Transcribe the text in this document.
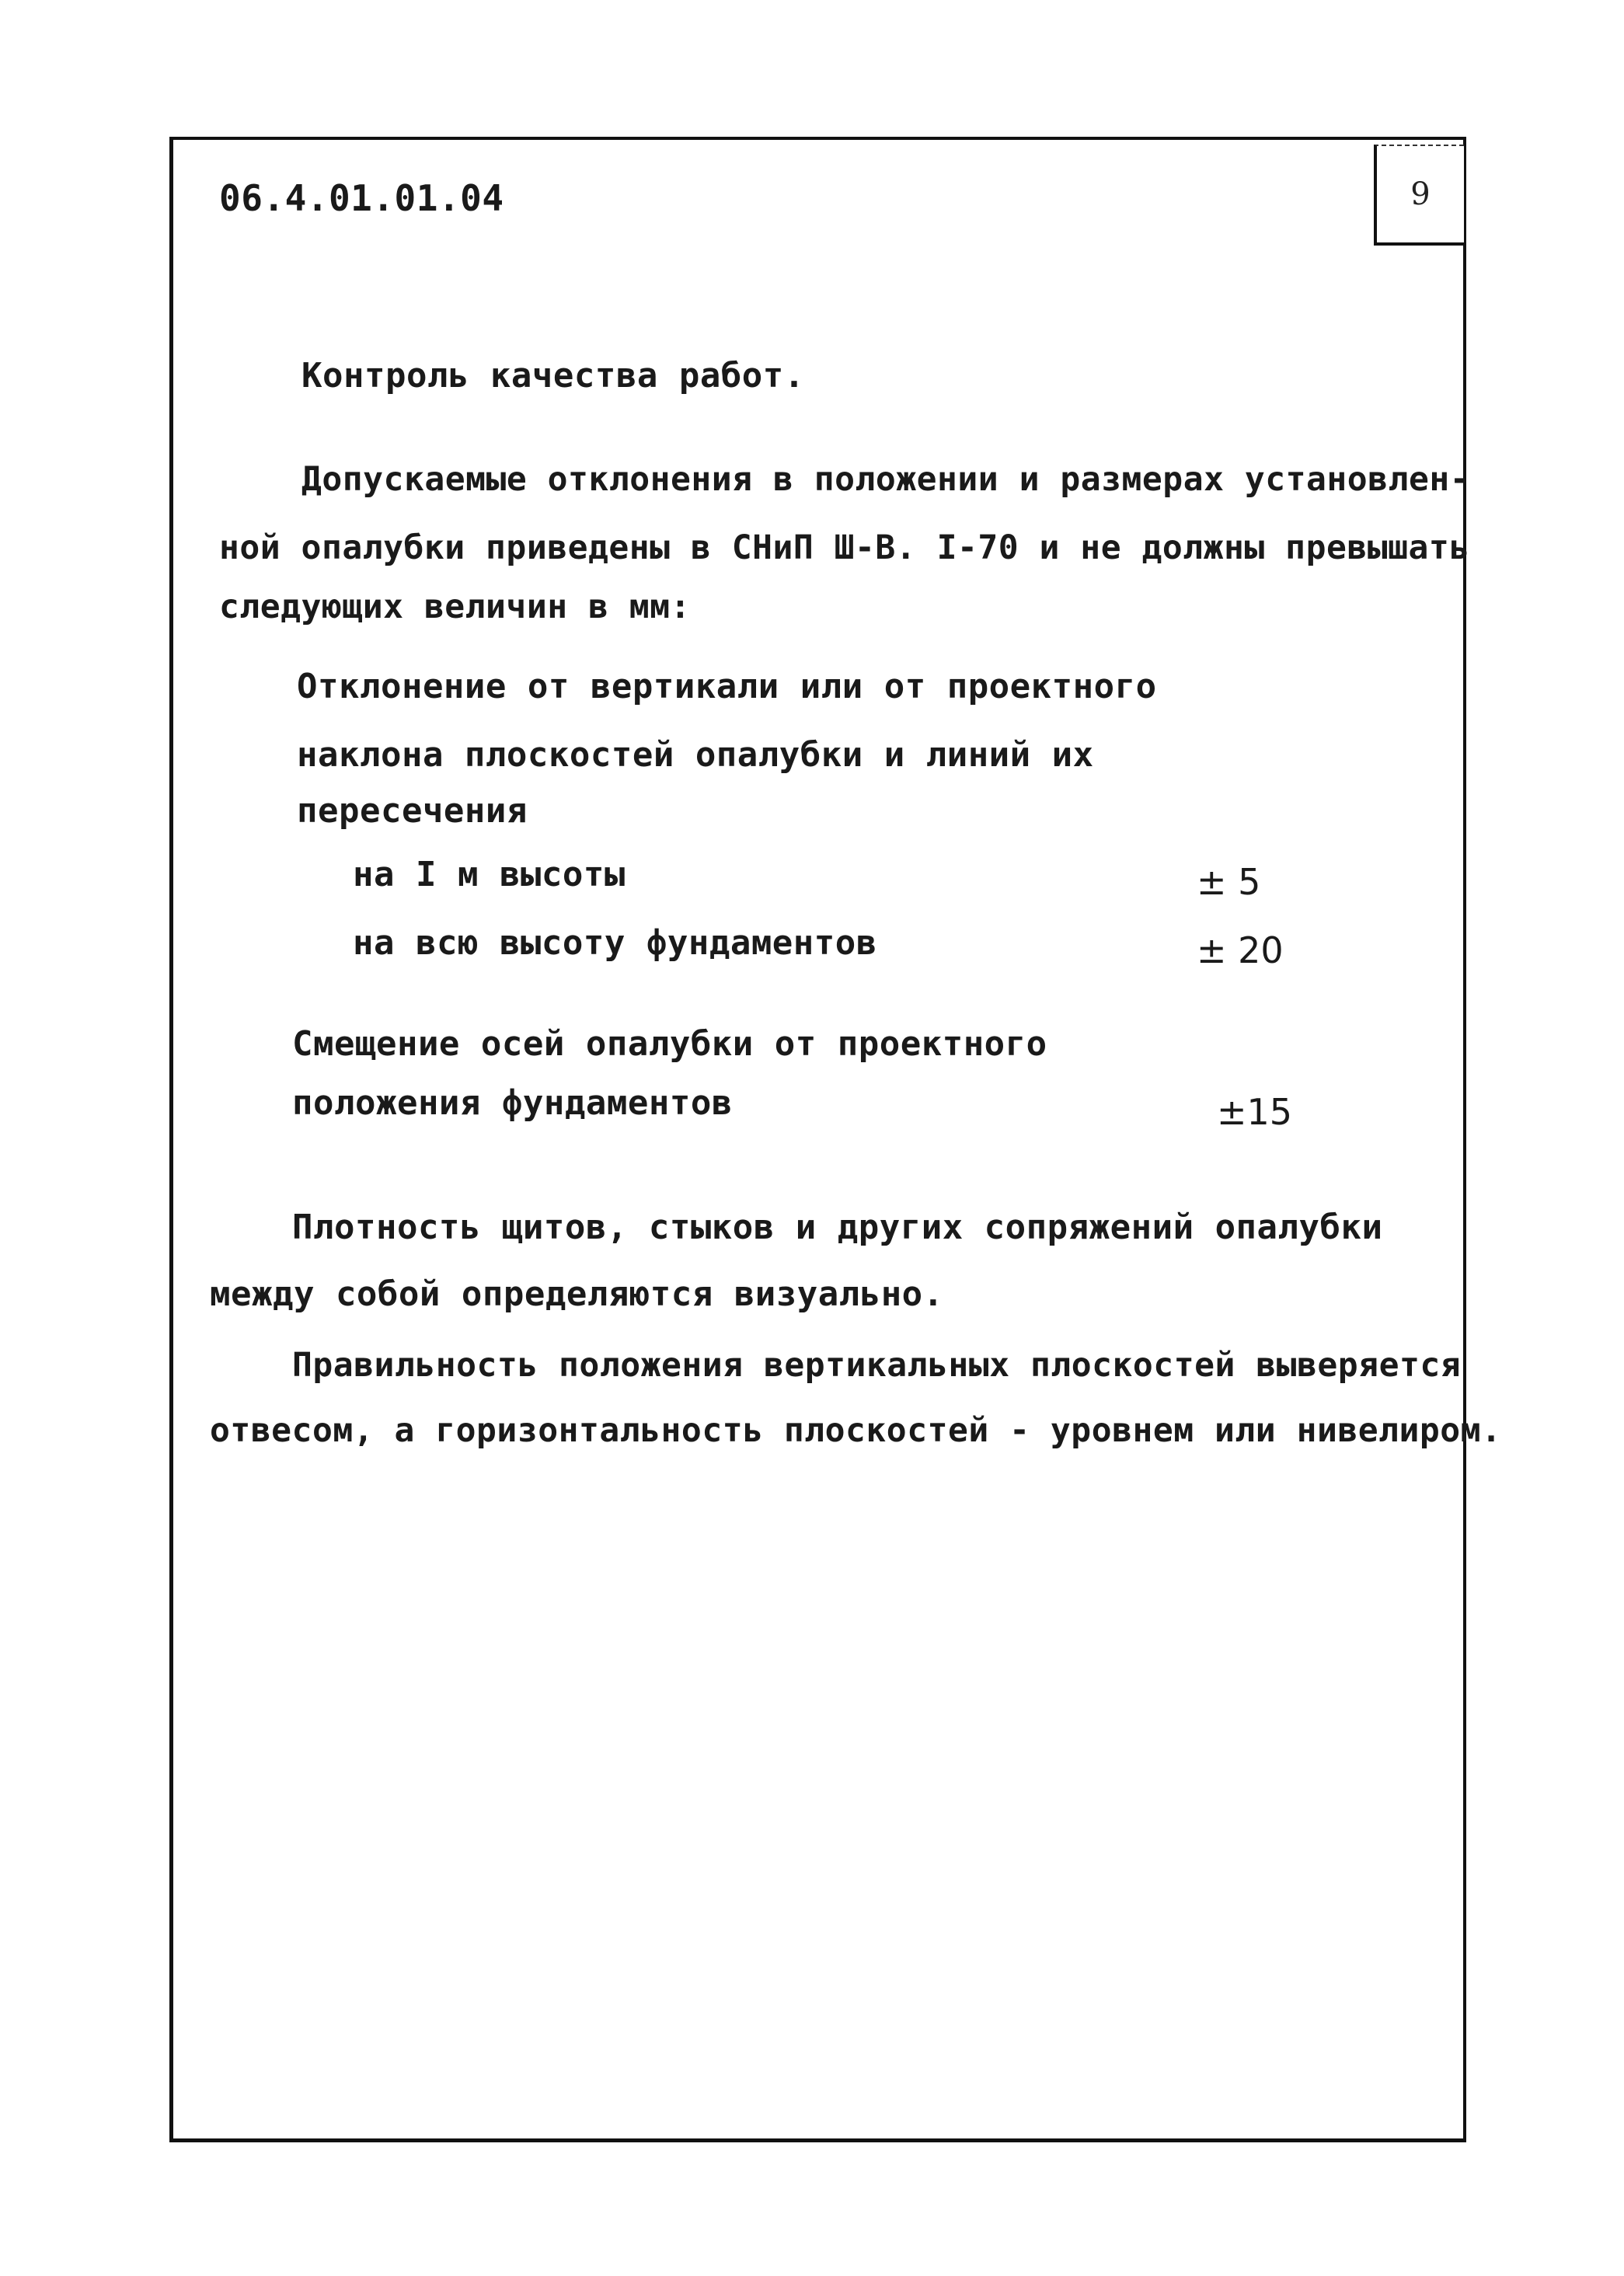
9
06.4.01.01.04
Контроль качества работ.
Допускаемые отклонения в положении и размерах установлен-
ной опалубки приведены в СНиП Ш-В. I-70 и не должны превышать
следующих величин в мм:
Отклонение от вертикали или от проектного
наклона плоскостей опалубки и линий их
пересечения
на I м высоты	± 5
на всю высоту фундаментов	± 20
Смещение осей опалубки от проектного
положения фундаментов	±15
Плотность щитов, стыков и других сопряжений опалубки
между собой определяются визуально.
Правильность положения вертикальных плоскостей выверяется
отвесом, а горизонтальность плоскостей - уровнем или нивелиром.
